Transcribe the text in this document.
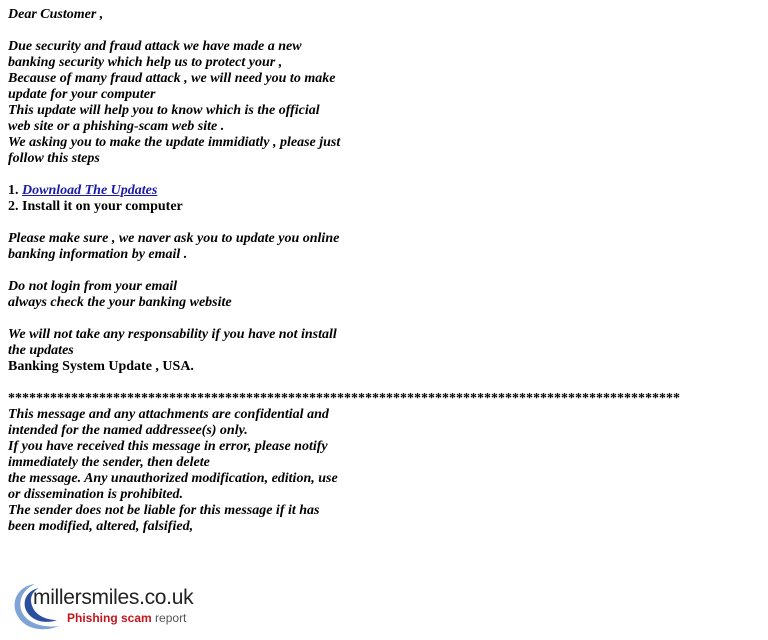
Dear Customer ,
Due security and fraud attack we have made a new
banking security which help us to protect your ,
Because of many fraud attack , we will need you to make
update for your computer
This update will help you to know which is the official
web site or a phishing-scam web site .
We asking you to make the update immidiatly , please just
follow this steps
1. Download The Updates
2. Install it on your computer
Please make sure , we naver ask you to update you online
banking information by email .
Do not login from your email
always check the your banking website
We will not take any responsability if you have not install
the updates
Banking System Update , USA.
************************************************************************************************
This message and any attachments are confidential and
intended for the named addressee(s) only.
If you have received this message in error, please notify
immediately the sender, then delete
the message. Any unauthorized modification, edition, use
or dissemination is prohibited.
The sender does not be liable for this message if it has
been modified, altered, falsified,
millersmiles.co.uk
Phishing scam report
